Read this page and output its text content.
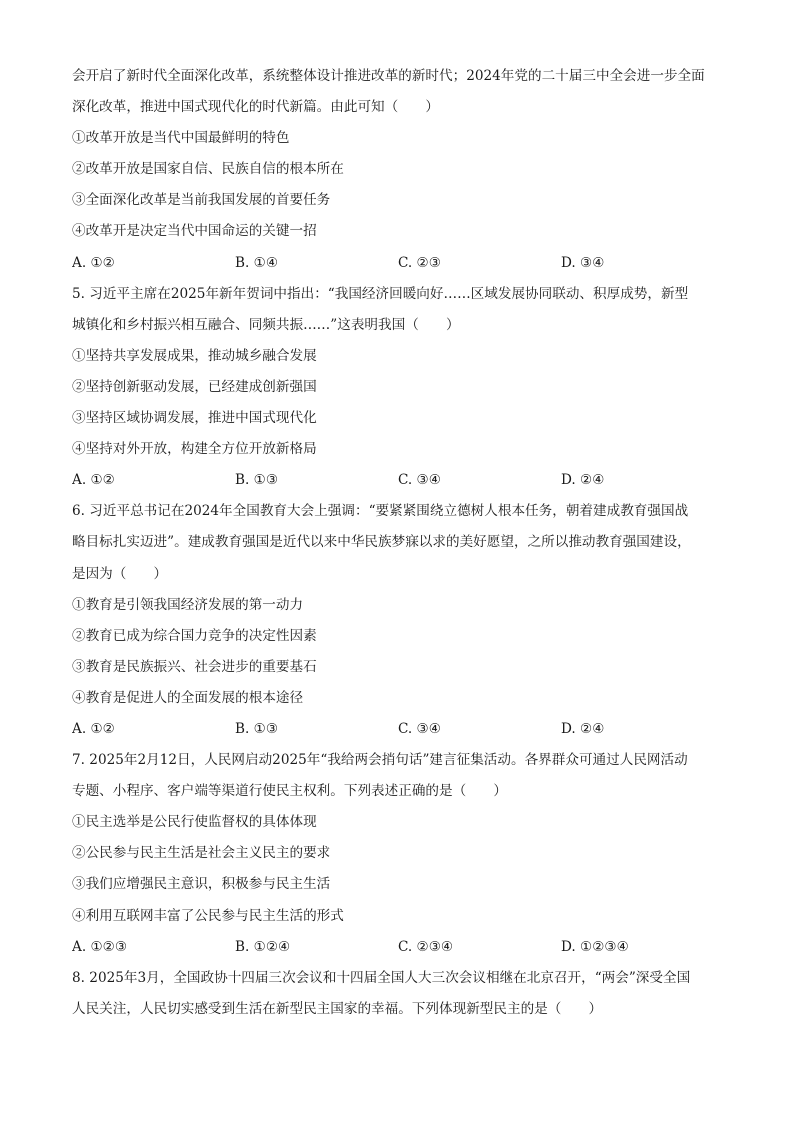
会开启了新时代全面深化改革，系统整体设计推进改革的新时代；2024年党的二十届三中全会进一步全面
深化改革，推进中国式现代化的时代新篇。由此可知（　　）
①改革开放是当代中国最鲜明的特色
②改革开放是国家自信、民族自信的根本所在
③全面深化改革是当前我国发展的首要任务
④改革开是决定当代中国命运的关键一招
A. ①②	B. ①④	C. ②③	D. ③④
5. 习近平主席在2025年新年贺词中指出：“我国经济回暖向好……区域发展协同联动、积厚成势，新型
城镇化和乡村振兴相互融合、同频共振……”这表明我国（　　）
①坚持共享发展成果，推动城乡融合发展
②坚持创新驱动发展，已经建成创新强国
③坚持区域协调发展，推进中国式现代化
④坚持对外开放，构建全方位开放新格局
A. ①②	B. ①③	C. ③④	D. ②④
6. 习近平总书记在2024年全国教育大会上强调：“要紧紧围绕立德树人根本任务，朝着建成教育强国战
略目标扎实迈进”。建成教育强国是近代以来中华民族梦寐以求的美好愿望，之所以推动教育强国建设，
是因为（　　）
①教育是引领我国经济发展的第一动力
②教育已成为综合国力竞争的决定性因素
③教育是民族振兴、社会进步的重要基石
④教育是促进人的全面发展的根本途径
A. ①②	B. ①③	C. ③④	D. ②④
7. 2025年2月12日，人民网启动2025年“我给两会捎句话”建言征集活动。各界群众可通过人民网活动
专题、小程序、客户端等渠道行使民主权利。下列表述正确的是（　　）
①民主选举是公民行使监督权的具体体现
②公民参与民主生活是社会主义民主的要求
③我们应增强民主意识，积极参与民主生活
④利用互联网丰富了公民参与民主生活的形式
A. ①②③	B. ①②④	C. ②③④	D. ①②③④
8. 2025年3月，全国政协十四届三次会议和十四届全国人大三次会议相继在北京召开，“两会”深受全国
人民关注，人民切实感受到生活在新型民主国家的幸福。下列体现新型民主的是（　　）
